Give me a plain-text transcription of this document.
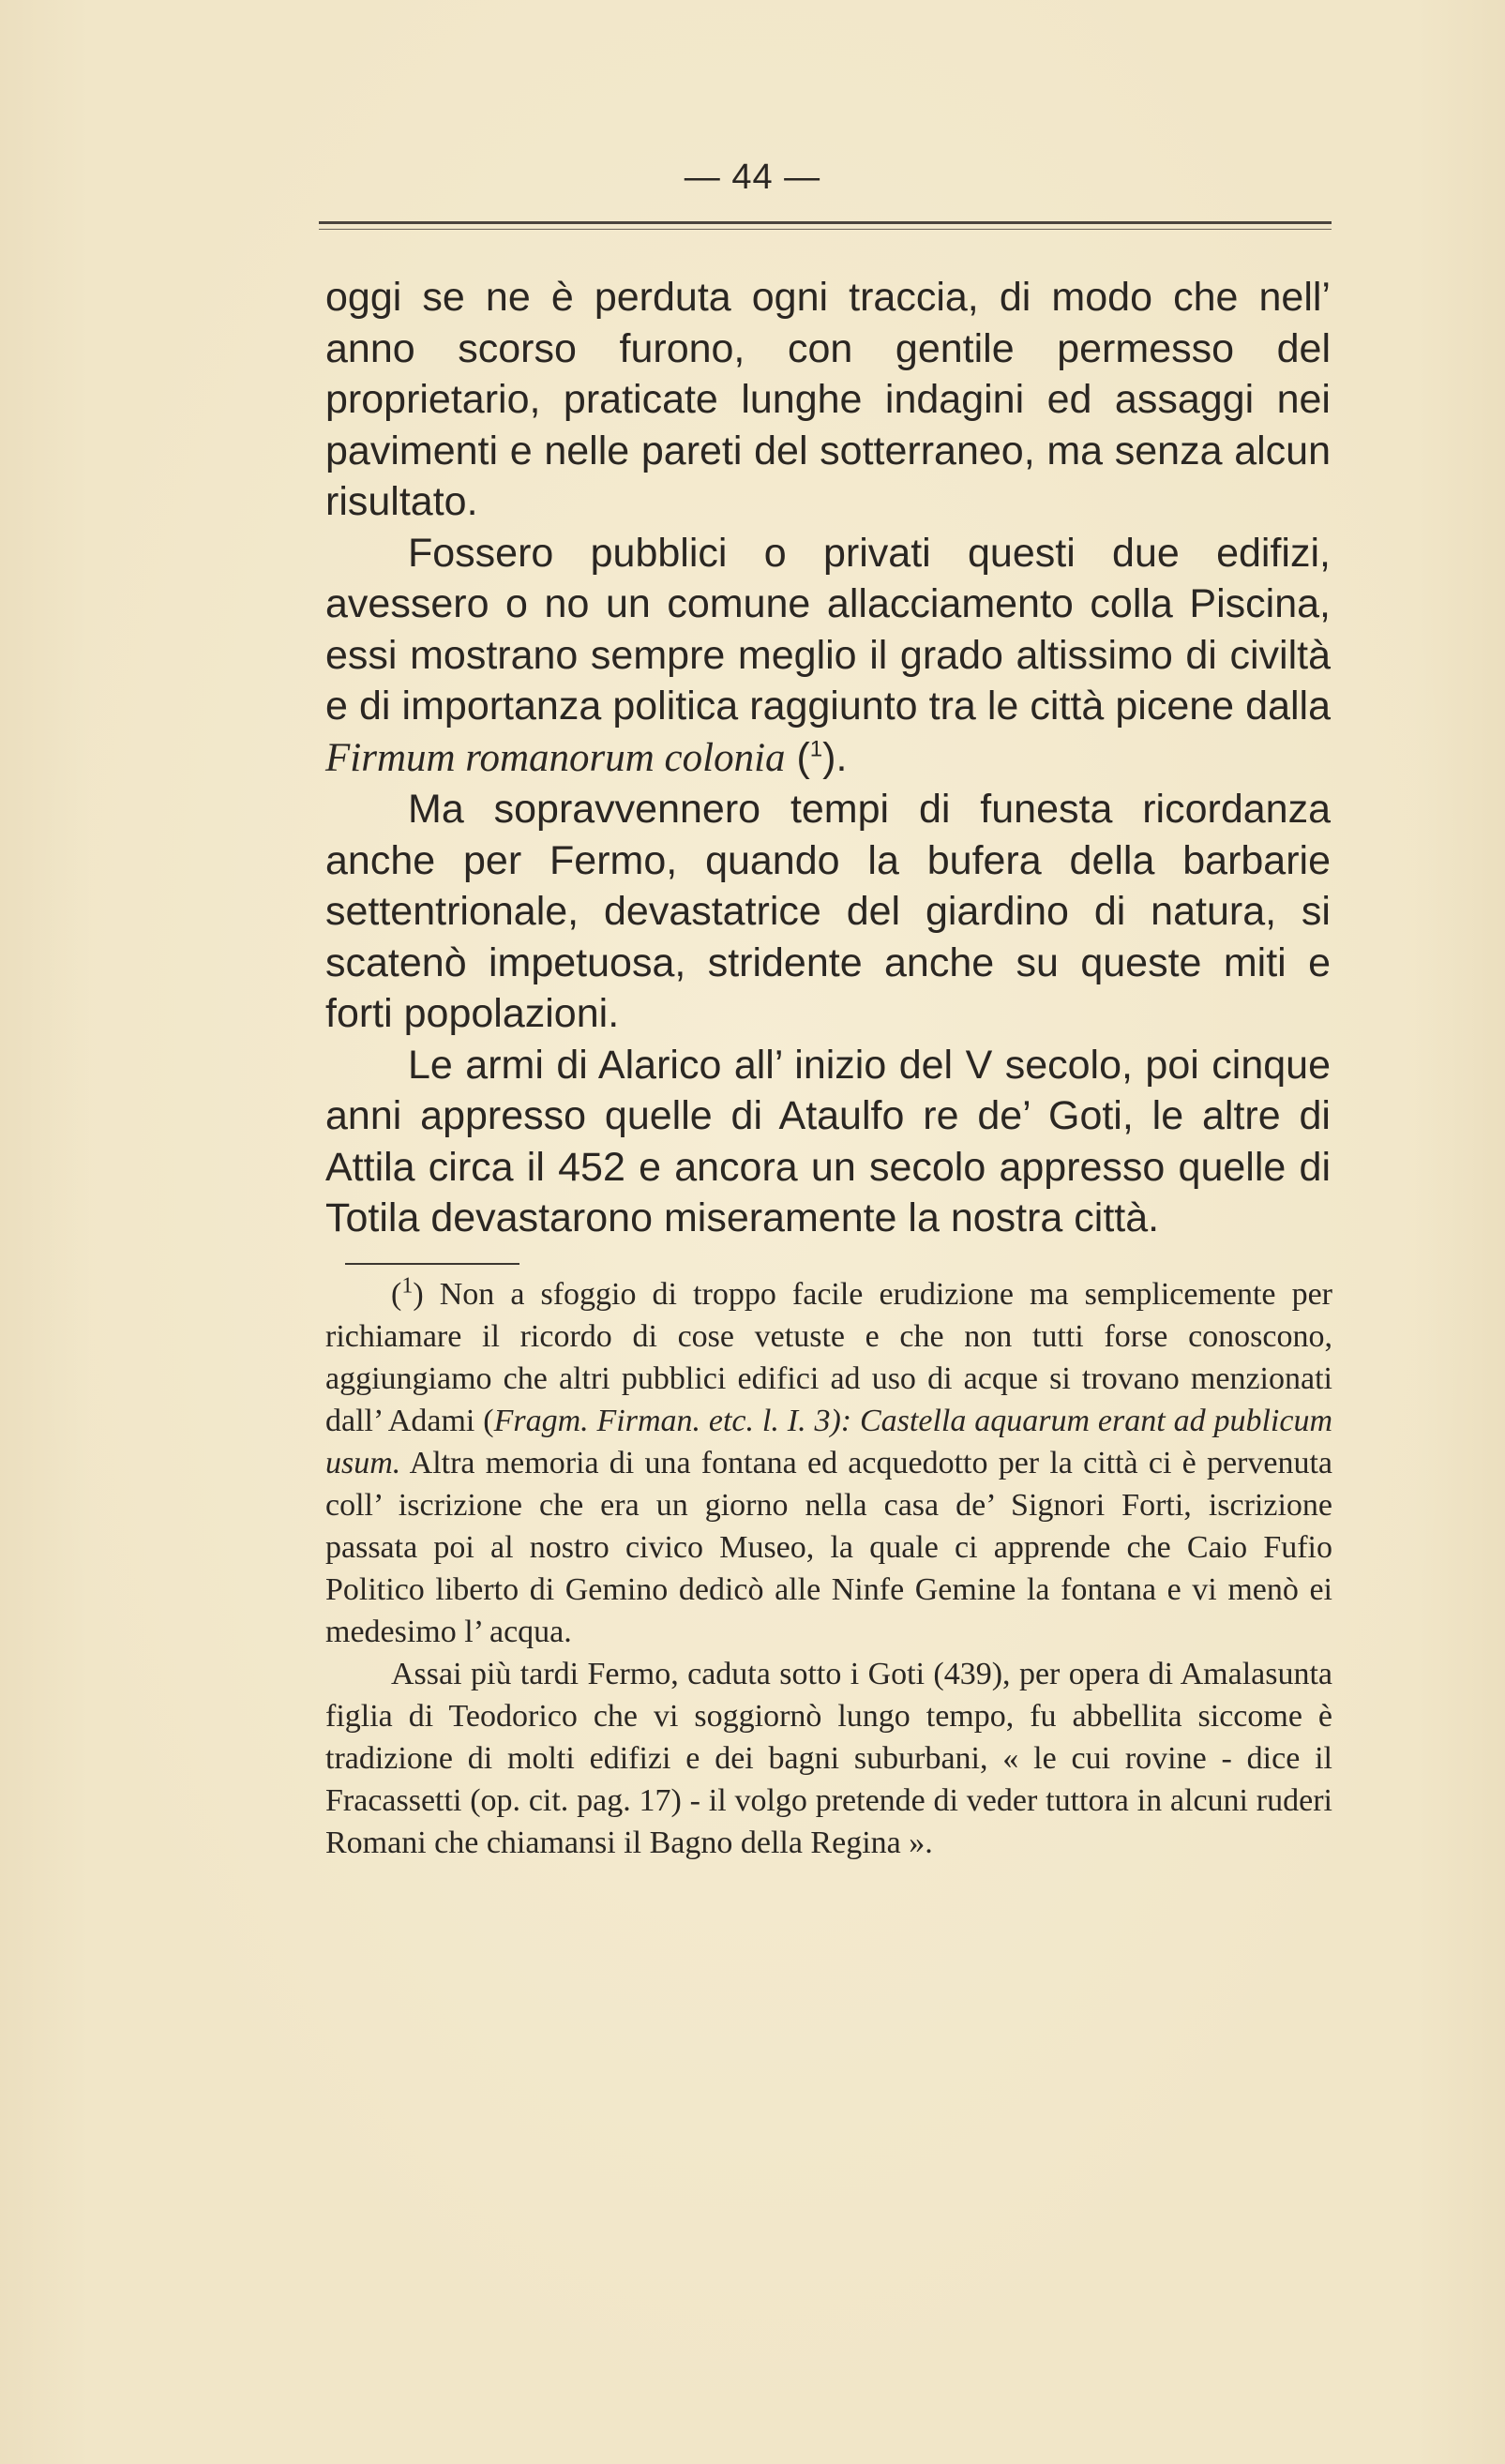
— 44 —

oggi se ne è perduta ogni traccia, di modo che nell’ anno scorso furono, con gentile permesso del proprietario, praticate lunghe indagini ed assaggi nei pavimenti e nelle pareti del sotterraneo, ma senza alcun risultato.

Fossero pubblici o privati questi due edifizi, avessero o no un comune allacciamento colla Piscina, essi mostrano sempre meglio il grado altissimo di civiltà e di importanza politica raggiunto tra le città picene dalla Firmum romanorum colonia ($^1$).

Ma sopravvennero tempi di funesta ricordanza anche per Fermo, quando la bufera della barbarie settentrionale, devastatrice del giardino di natura, si scatenò impetuosa, stridente anche su queste miti e forti popolazioni.

Le armi di Alarico all’ inizio del V secolo, poi cinque anni appresso quelle di Ataulfo re de’ Goti, le altre di Attila circa il 452 e ancora un secolo appresso quelle di Totila devastarono miseramente la nostra città.

($^1$) Non a sfoggio di troppo facile erudizione ma semplicemente per richiamare il ricordo di cose vetuste e che non tutti forse conoscono, aggiungiamo che altri pubblici edifici ad uso di acque si trovano menzionati dall’ Adami (Fragm. Firman. etc. l. I. 3): Castella aquarum erant ad publicum usum. Altra memoria di una fontana ed acquedotto per la città ci è pervenuta coll’ iscrizione che era un giorno nella casa de’ Signori Forti, iscrizione passata poi al nostro civico Museo, la quale ci apprende che Caio Fufio Politico liberto di Gemino dedicò alle Ninfe Gemine la fontana e vi menò ei medesimo l’ acqua.

Assai più tardi Fermo, caduta sotto i Goti (439), per opera di Amalasunta figlia di Teodorico che vi soggiornò lungo tempo, fu abbellita siccome è tradizione di molti edifizi e dei bagni suburbani, « le cui rovine - dice il Fracassetti (op. cit. pag. 17) - il volgo pretende di veder tuttora in alcuni ruderi Romani che chiamansi il Bagno della Regina ».
